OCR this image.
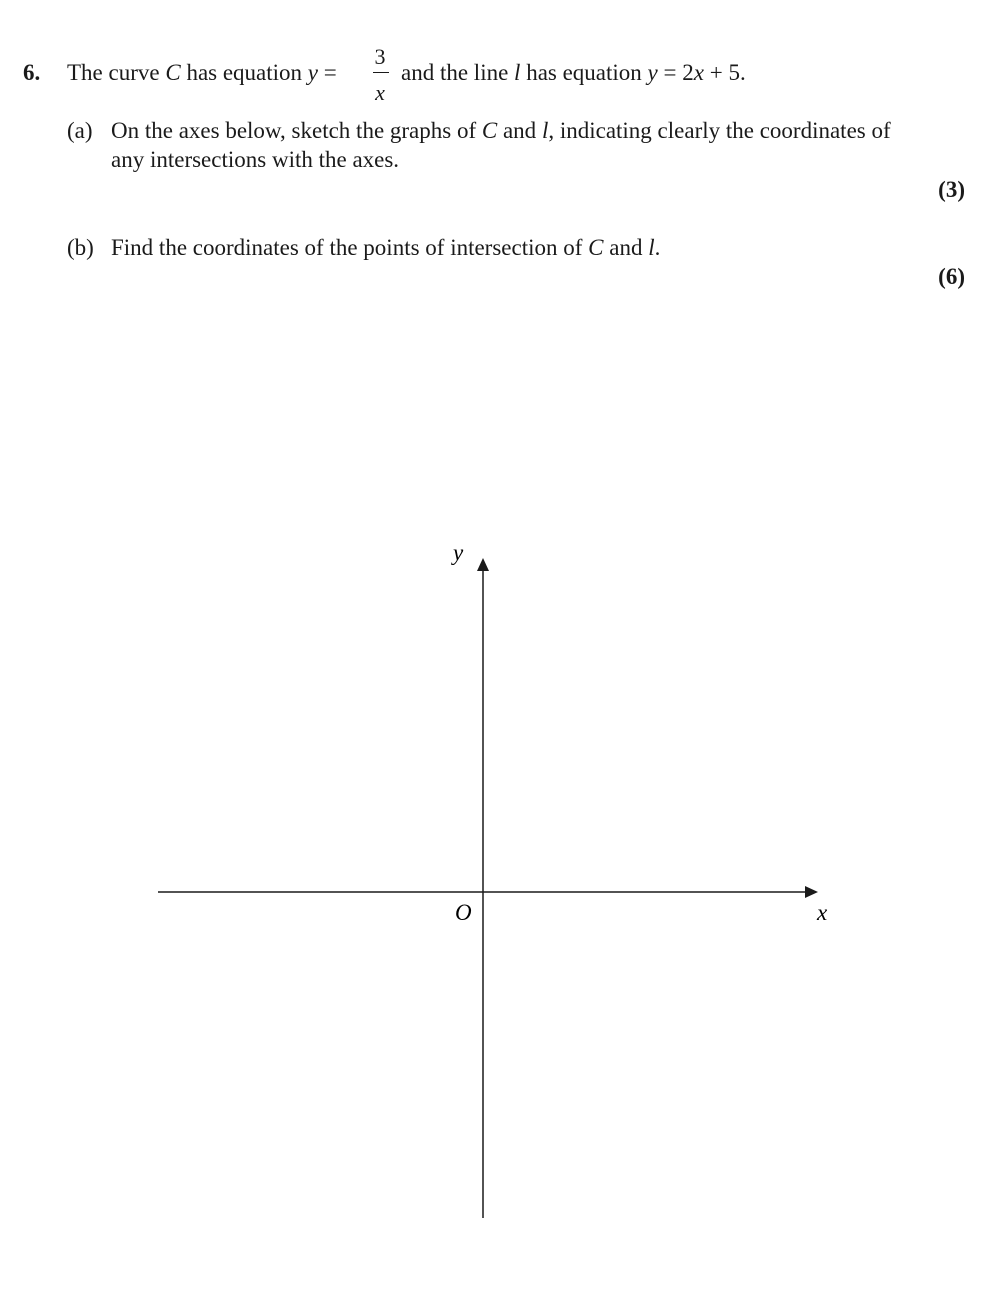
6. The curve C has equation y =
3
x
and the line l has equation y = 2x + 5.
(a) On the axes below, sketch the graphs of C and l, indicating clearly the coordinates of
any intersections with the axes.
(3)
(b) Find the coordinates of the points of intersection of C and l.
(6)
y
x
O
